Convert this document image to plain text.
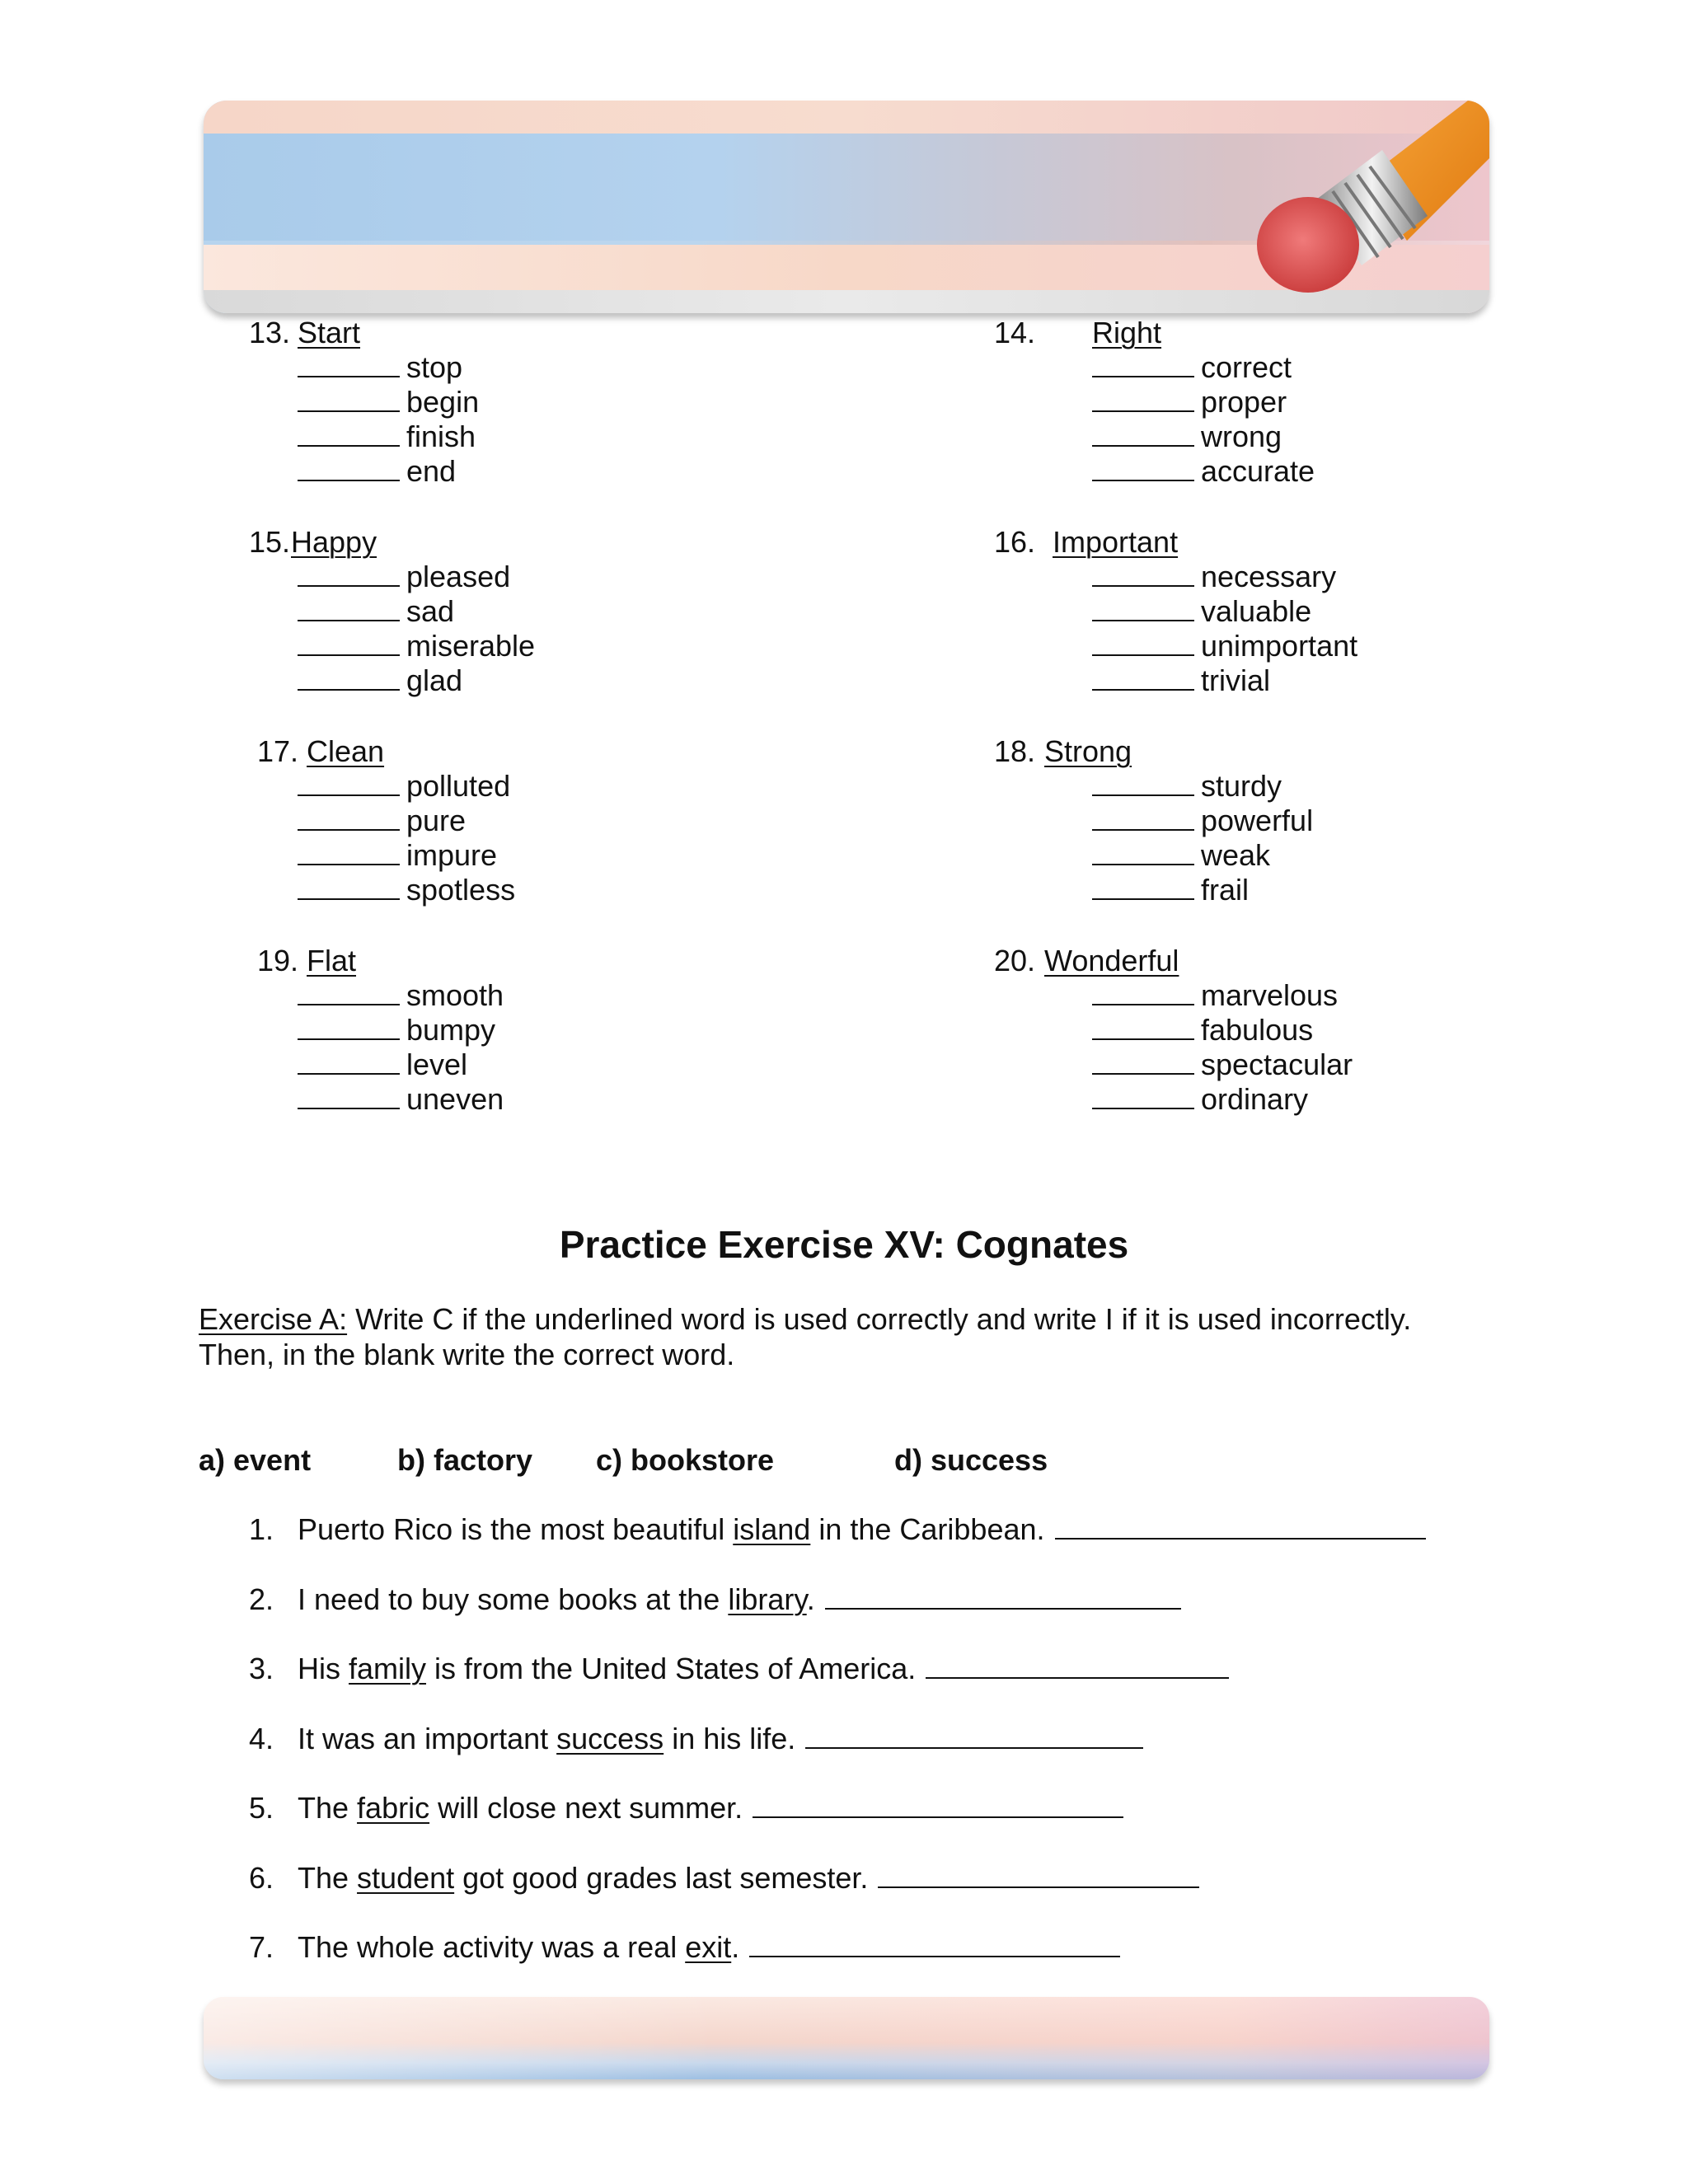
13. Start
stop
begin
finish
end
14. Right
correct
proper
wrong
accurate
15. Happy
pleased
sad
miserable
glad
16. Important
necessary
valuable
unimportant
trivial
17. Clean
polluted
pure
impure
spotless
18. Strong
sturdy
powerful
weak
frail
19. Flat
smooth
bumpy
level
uneven
20. Wonderful
marvelous
fabulous
spectacular
ordinary
Practice Exercise XV: Cognates
Exercise A: Write C if the underlined word is used correctly and write I if it is used incorrectly.
Then, in the blank write the correct word.
a) event	b) factory c) bookstore	d) success
1. Puerto Rico is the most beautiful island in the Caribbean.
2. I need to buy some books at the library.
3. His family is from the United States of America.
4. It was an important success in his life.
5. The fabric will close next summer.
6. The student got good grades last semester.
7. The whole activity was a real exit.
